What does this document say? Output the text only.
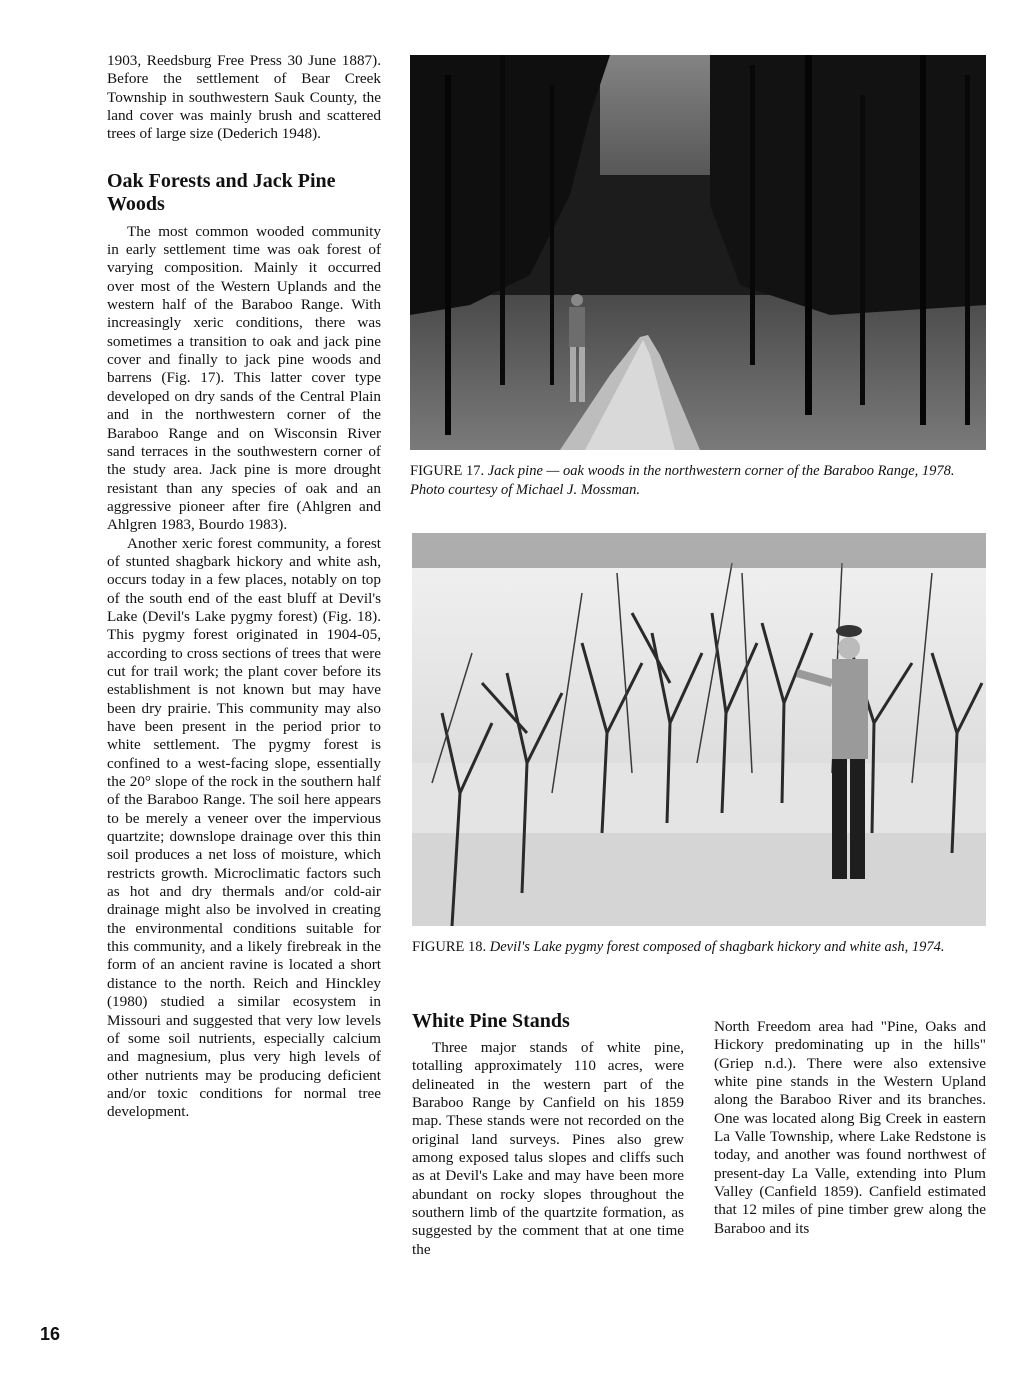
1903, Reedsburg Free Press 30 June 1887). Before the settlement of Bear Creek Township in southwestern Sauk County, the land cover was mainly brush and scattered trees of large size (Dederich 1948).

Oak Forests and Jack Pine Woods

The most common wooded community in early settlement time was oak forest of varying composition. Mainly it occurred over most of the Western Uplands and the western half of the Baraboo Range. With increasingly xeric conditions, there was sometimes a transition to oak and jack pine cover and finally to jack pine woods and barrens (Fig. 17). This latter cover type developed on dry sands of the Central Plain and in the northwestern corner of the Baraboo Range and on Wisconsin River sand terraces in the southwestern corner of the study area. Jack pine is more drought resistant than any species of oak and an aggressive pioneer after fire (Ahlgren and Ahlgren 1983, Bourdo 1983).

Another xeric forest community, a forest of stunted shagbark hickory and white ash, occurs today in a few places, notably on top of the south end of the east bluff at Devil's Lake (Devil's Lake pygmy forest) (Fig. 18). This pygmy forest originated in 1904-05, according to cross sections of trees that were cut for trail work; the plant cover before its establishment is not known but may have been dry prairie. This community may also have been present in the period prior to white settlement. The pygmy forest is confined to a west-facing slope, essentially the 20° slope of the rock in the southern half of the Baraboo Range. The soil here appears to be merely a veneer over the impervious quartzite; downslope drainage over this thin soil produces a net loss of moisture, which restricts growth. Microclimatic factors such as hot and dry thermals and/or cold-air drainage might also be involved in creating the environmental conditions suitable for this community, and a likely firebreak in the form of an ancient ravine is located a short distance to the north. Reich and Hinckley (1980) studied a similar ecosystem in Missouri and suggested that very low levels of some soil nutrients, especially calcium and magnesium, plus very high levels of other nutrients may be producing deficient and/or toxic conditions for normal tree development.

FIGURE 17. Jack pine — oak woods in the northwestern corner of the Baraboo Range, 1978. Photo courtesy of Michael J. Mossman.
FIGURE 18. Devil's Lake pygmy forest composed of shagbark hickory and white ash, 1974.
White Pine Stands

Three major stands of white pine, totalling approximately 110 acres, were delineated in the western part of the Baraboo Range by Canfield on his 1859 map. These stands were not recorded on the original land surveys. Pines also grew among exposed talus slopes and cliffs such as at Devil's Lake and may have been more abundant on rocky slopes throughout the southern limb of the quartzite formation, as suggested by the comment that at one time the

North Freedom area had "Pine, Oaks and Hickory predominating up in the hills" (Griep n.d.). There were also extensive white pine stands in the Western Upland along the Baraboo River and its branches. One was located along Big Creek in eastern La Valle Township, where Lake Redstone is today, and another was found northwest of present-day La Valle, extending into Plum Valley (Canfield 1859). Canfield estimated that 12 miles of pine timber grew along the Baraboo and its

16
